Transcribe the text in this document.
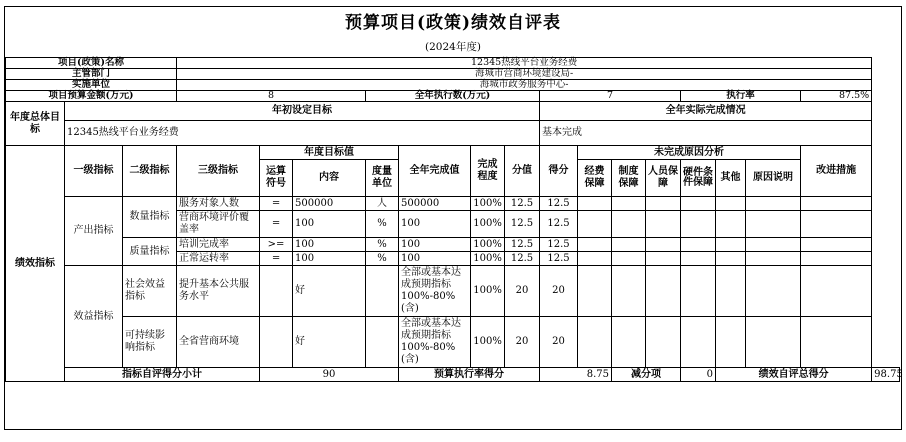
预算项目(政策)绩效自评表
(2024年度)
项目(政策)名称			12345热线平台业务经费															
主管部门			海城市营商环境建设局-															
实施单位			海城市政务服务中心-															
项目预算金额(万元)			8			全年执行数(万元)				7				执行率			87.5%	
年度总体目标	年初设定目标									全年实际完成情况								
	12345热线平台业务经费									基本完成								
绩效指标	一级指标	二级指标	三级指标	年度目标值			全年完成值	完成程度	分值	得分	未完成原因分析						改进措施	
				运算符号	内容	度量单位					经费保障	制度保障	人员保障	硬件条件保障	其他	原因说明		
	产出指标	数量指标	服务对象人数	=	500000	人	500000	100%	12.5	12.5								
			营商环境评价覆盖率	=	100	%	100	100%	12.5	12.5								
		质量指标	培训完成率	>=	100	%	100	100%	12.5	12.5								
			正常运转率	=	100	%	100	100%	12.5	12.5								
	效益指标	社会效益指标	提升基本公共服务水平		好		全部或基本达成预期指标100%-80%(含)	100%	20	20								
		可持续影响指标	全省营商环境		好		全部或基本达成预期指标100%-80%(含)	100%	20	20								
	指标自评得分小计			90			预算执行率得分			8.75		减分项		0	绩效自评总得分			98.75
